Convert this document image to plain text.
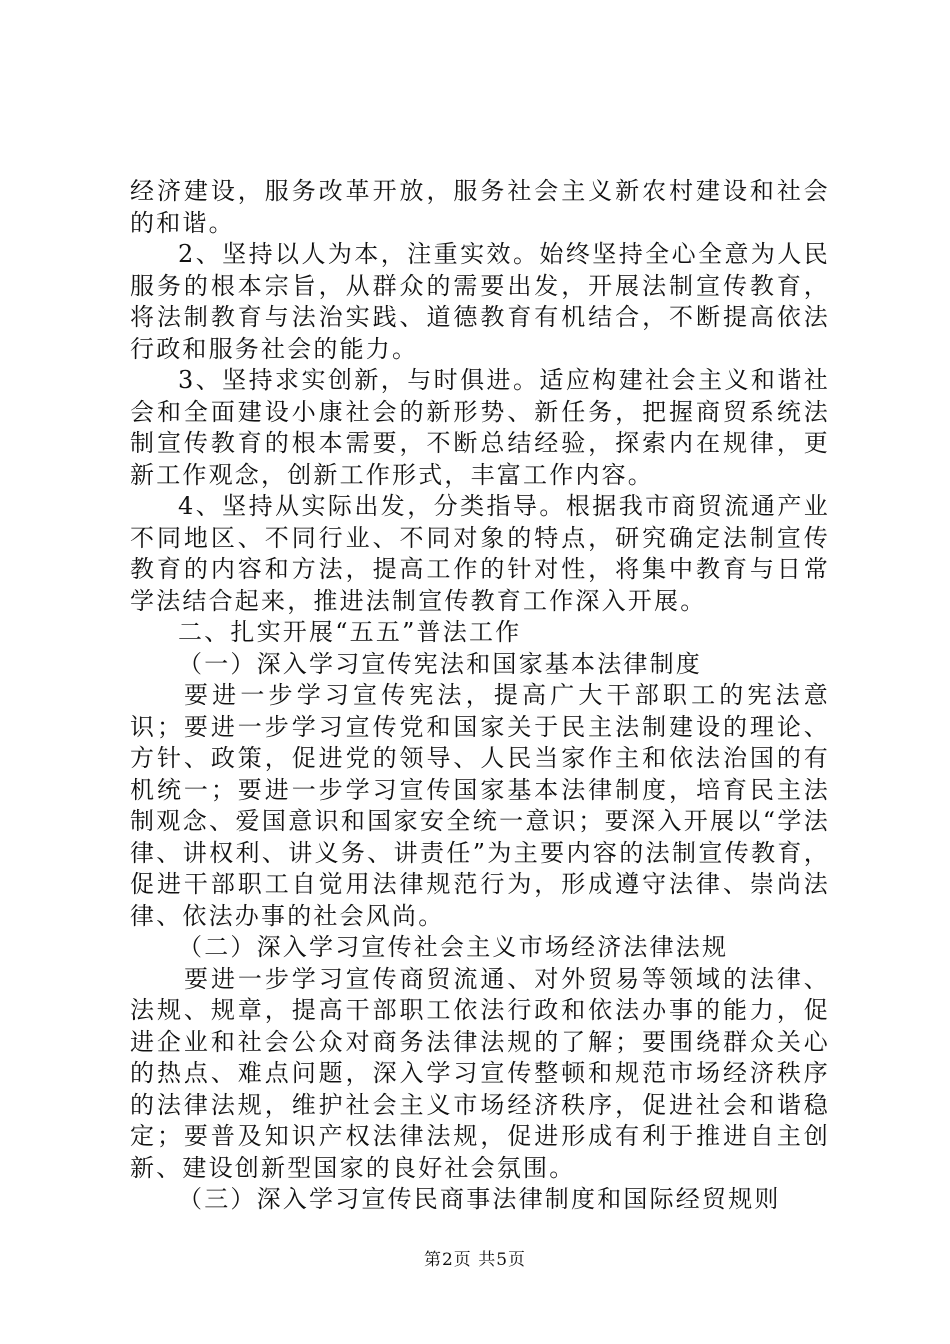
经济建设，服务改革开放，服务社会主义新农村建设和社会的和谐。

2、坚持以人为本，注重实效。始终坚持全心全意为人民服务的根本宗旨，从群众的需要出发，开展法制宣传教育，将法制教育与法治实践、道德教育有机结合，不断提高依法行政和服务社会的能力。

3、坚持求实创新，与时俱进。适应构建社会主义和谐社会和全面建设小康社会的新形势、新任务，把握商贸系统法制宣传教育的根本需要，不断总结经验，探索内在规律，更新工作观念，创新工作形式，丰富工作内容。

4、坚持从实际出发，分类指导。根据我市商贸流通产业不同地区、不同行业、不同对象的特点，研究确定法制宣传教育的内容和方法，提高工作的针对性，将集中教育与日常学法结合起来，推进法制宣传教育工作深入开展。

二、扎实开展“五五”普法工作

（一）深入学习宣传宪法和国家基本法律制度

要进一步学习宣传宪法，提高广大干部职工的宪法意识；要进一步学习宣传党和国家关于民主法制建设的理论、方针、政策，促进党的领导、人民当家作主和依法治国的有机统一；要进一步学习宣传国家基本法律制度，培育民主法制观念、爱国意识和国家安全统一意识；要深入开展以“学法律、讲权利、讲义务、讲责任”为主要内容的法制宣传教育，促进干部职工自觉用法律规范行为，形成遵守法律、崇尚法律、依法办事的社会风尚。

（二）深入学习宣传社会主义市场经济法律法规

要进一步学习宣传商贸流通、对外贸易等领域的法律、法规、规章，提高干部职工依法行政和依法办事的能力，促进企业和社会公众对商务法律法规的了解；要围绕群众关心的热点、难点问题，深入学习宣传整顿和规范市场经济秩序的法律法规，维护社会主义市场经济秩序，促进社会和谐稳定；要普及知识产权法律法规，促进形成有利于推进自主创新、建设创新型国家的良好社会氛围。

（三）深入学习宣传民商事法律制度和国际经贸规则

第2页 共5页
